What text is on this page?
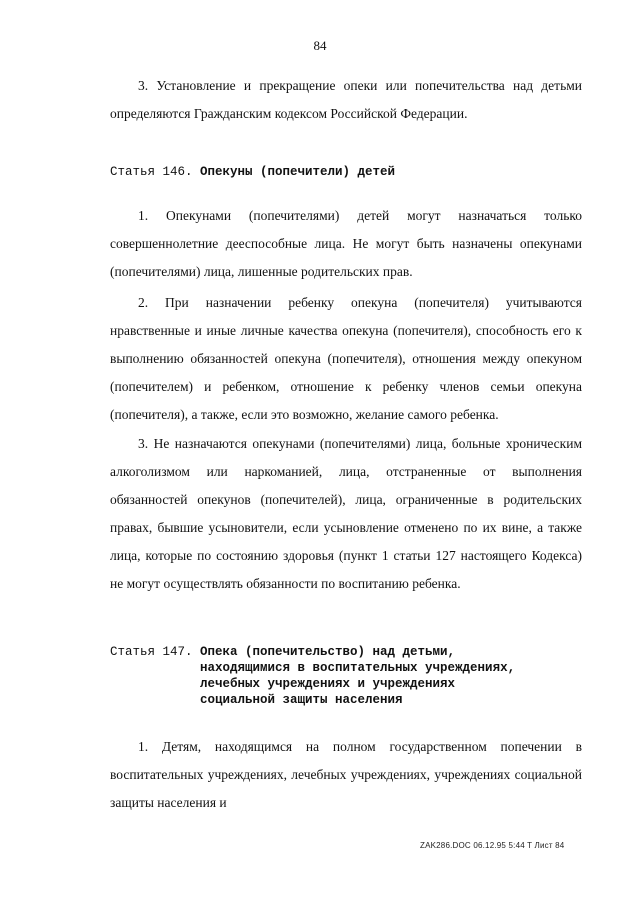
84

3. Установление и прекращение опеки или попечительства над детьми определяются Гражданским кодексом Российской Федерации.

Статья 146. Опекуны (попечители) детей

1. Опекунами (попечителями) детей могут назначаться только совершеннолетние дееспособные лица. Не могут быть назначены опекунами (попечителями) лица, лишенные родительских прав.

2. При назначении ребенку опекуна (попечителя) учитываются нравственные и иные личные качества опекуна (попечителя), способность его к выполнению обязанностей опекуна (попечителя), отношения между опекуном (попечителем) и ребенком, отношение к ребенку членов семьи опекуна (попечителя), а также, если это возможно, желание самого ребенка.

3. Не назначаются опекунами (попечителями) лица, больные хроническим алкоголизмом или наркоманией, лица, отстраненные от выполнения обязанностей опекунов (попечителей), лица, ограниченные в родительских правах, бывшие усыновители, если усыновление отменено по их вине, а также лица, которые по состоянию здоровья (пункт 1 статьи 127 настоящего Кодекса) не могут осуществлять обязанности по воспитанию ребенка.

Статья 147. Опека (попечительство) над детьми, находящимися в воспитательных учреждениях, лечебных учреждениях и учреждениях социальной защиты населения

1. Детям, находящимся на полном государственном попечении в воспитательных учреждениях, лечебных учреждениях, учреждениях социальной защиты населения и

ZAK286.DOC 06.12.95 5:44 T Лист 84
